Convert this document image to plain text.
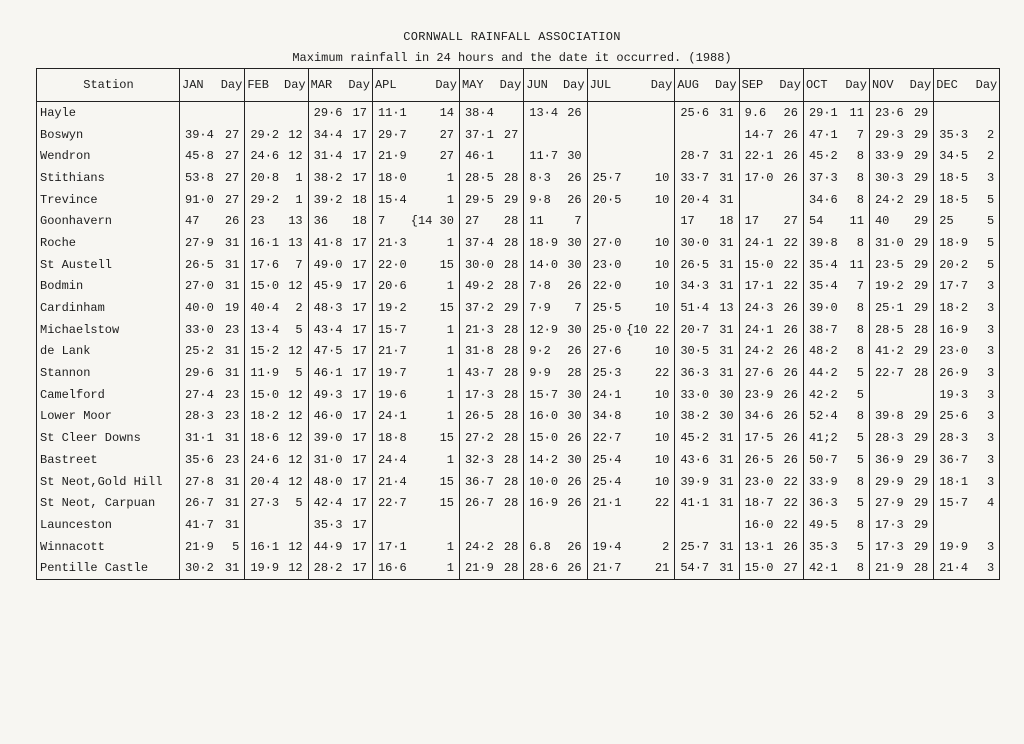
CORNWALL RAINFALL ASSOCIATION
Maximum rainfall in 24 hours and the date it occurred. (1988)
Station	JAN Day		FEB Day		MAR Day		APL Day		MAY Day		JUN Day		JUL Day		AUG Day		SEP Day		OCT Day		NOV Day		DEC Day	

Hayle					29·6	17	11·1	14	38·4		13·4	26			25·6	31	9.6	26	29·1	11	23·6	29		
Boswyn	39·4	27	29·2	12	34·4	17	29·7	27	37·1	27							14·7	26	47·1	7	29·3	29	35·3	2
Wendron	45·8	27	24·6	12	31·4	17	21·9	27	46·1		11·7	30			28·7	31	22·1	26	45·2	8	33·9	29	34·5	2
Stithians	53·8	27	20·8	1	38·2	17	18·0	1	28·5	28	8·3	26	25·7	10	33·7	31	17·0	26	37·3	8	30·3	29	18·5	3
Trevince	91·0	27	29·2	1	39·2	18	15·4	1	29·5	29	9·8	26	20·5	10	20·4	31			34·6	8	24·2	29	18·5	5
Goonhavern	47	26	23	13	36	18	7	{14 30	27	28	11	7			17	18	17	27	54	11	40	29	25	5
Roche	27·9	31	16·1	13	41·8	17	21·3	1	37·4	28	18·9	30	27·0	10	30·0	31	24·1	22	39·8	8	31·0	29	18·9	5
St Austell	26·5	31	17·6	7	49·0	17	22·0	15	30·0	28	14·0	30	23·0	10	26·5	31	15·0	22	35·4	11	23·5	29	20·2	5
Bodmin	27·0	31	15·0	12	45·9	17	20·6	1	49·2	28	7·8	26	22·0	10	34·3	31	17·1	22	35·4	7	19·2	29	17·7	3
Cardinham	40·0	19	40·4	2	48·3	17	19·2	15	37·2	29	7·9	7	25·5	10	51·4	13	24·3	26	39·0	8	25·1	29	18·2	3
Michaelstow	33·0	23	13·4	5	43·4	17	15·7	1	21·3	28	12·9	30	25·0	{10 22	20·7	31	24·1	26	38·7	8	28·5	28	16·9	3
de Lank	25·2	31	15·2	12	47·5	17	21·7	1	31·8	28	9·2	26	27·6	10	30·5	31	24·2	26	48·2	8	41·2	29	23·0	3
Stannon	29·6	31	11·9	5	46·1	17	19·7	1	43·7	28	9·9	28	25·3	22	36·3	31	27·6	26	44·2	5	22·7	28	26·9	3
Camelford	27·4	23	15·0	12	49·3	17	19·6	1	17·3	28	15·7	30	24·1	10	33·0	30	23·9	26	42·2	5			19·3	3
Lower Moor	28·3	23	18·2	12	46·0	17	24·1	1	26·5	28	16·0	30	34·8	10	38·2	30	34·6	26	52·4	8	39·8	29	25·6	3
St Cleer Downs	31·1	31	18·6	12	39·0	17	18·8	15	27·2	28	15·0	26	22·7	10	45·2	31	17·5	26	41;2	5	28·3	29	28·3	3
Bastreet	35·6	23	24·6	12	31·0	17	24·4	1	32·3	28	14·2	30	25·4	10	43·6	31	26·5	26	50·7	5	36·9	29	36·7	3
St Neot,Gold Hill	27·8	31	20·4	12	48·0	17	21·4	15	36·7	28	10·0	26	25·4	10	39·9	31	23·0	22	33·9	8	29·9	29	18·1	3
St Neot, Carpuan	26·7	31	27·3	5	42·4	17	22·7	15	26·7	28	16·9	26	21·1	22	41·1	31	18·7	22	36·3	5	27·9	29	15·7	4
Launceston	41·7	31			35·3	17											16·0	22	49·5	8	17·3	29		
Winnacott	21·9	5	16·1	12	44·9	17	17·1	1	24·2	28	6.8	26	19·4	2	25·7	31	13·1	26	35·3	5	17·3	29	19·9	3
Pentille Castle	30·2	31	19·9	12	28·2	17	16·6	1	21·9	28	28·6	26	21·7	21	54·7	31	15·0	27	42·1	8	21·9	28	21·4	3
